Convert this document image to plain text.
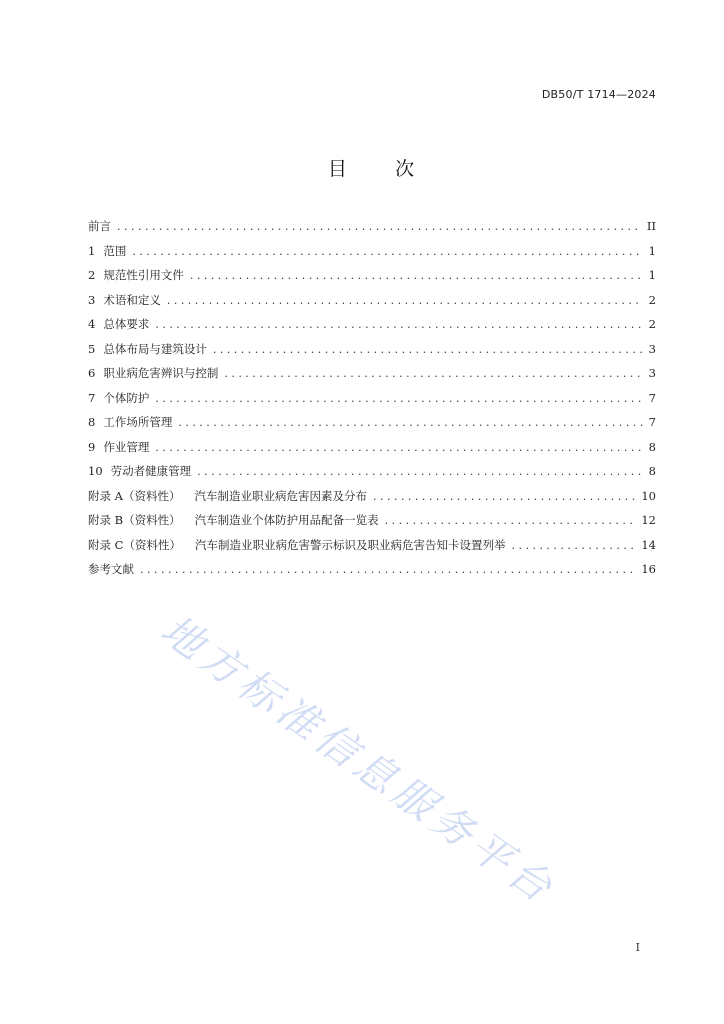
DB50/T 1714—2024
目        次
前言 . . .	II
1 范围 . . .	1
2 规范性引用文件 . . .	1
3 术语和定义 . . .	2
4 总体要求 . . .	2
5 总体布局与建筑设计 . . .	3
6 职业病危害辨识与控制 . . .	3
7 个体防护 . . .	7
8 工作场所管理 . . .	7
9 作业管理 . . .	8
10 劳动者健康管理 . . .	8
附录 A（资料性） 汽车制造业职业病危害因素及分布 . . .	10
附录 B（资料性） 汽车制造业个体防护用品配备一览表 . . .	12
附录 C（资料性） 汽车制造业职业病危害警示标识及职业病危害告知卡设置列举 . . .	14
参考文献 . . .	16
地方标准信息服务平台
I
